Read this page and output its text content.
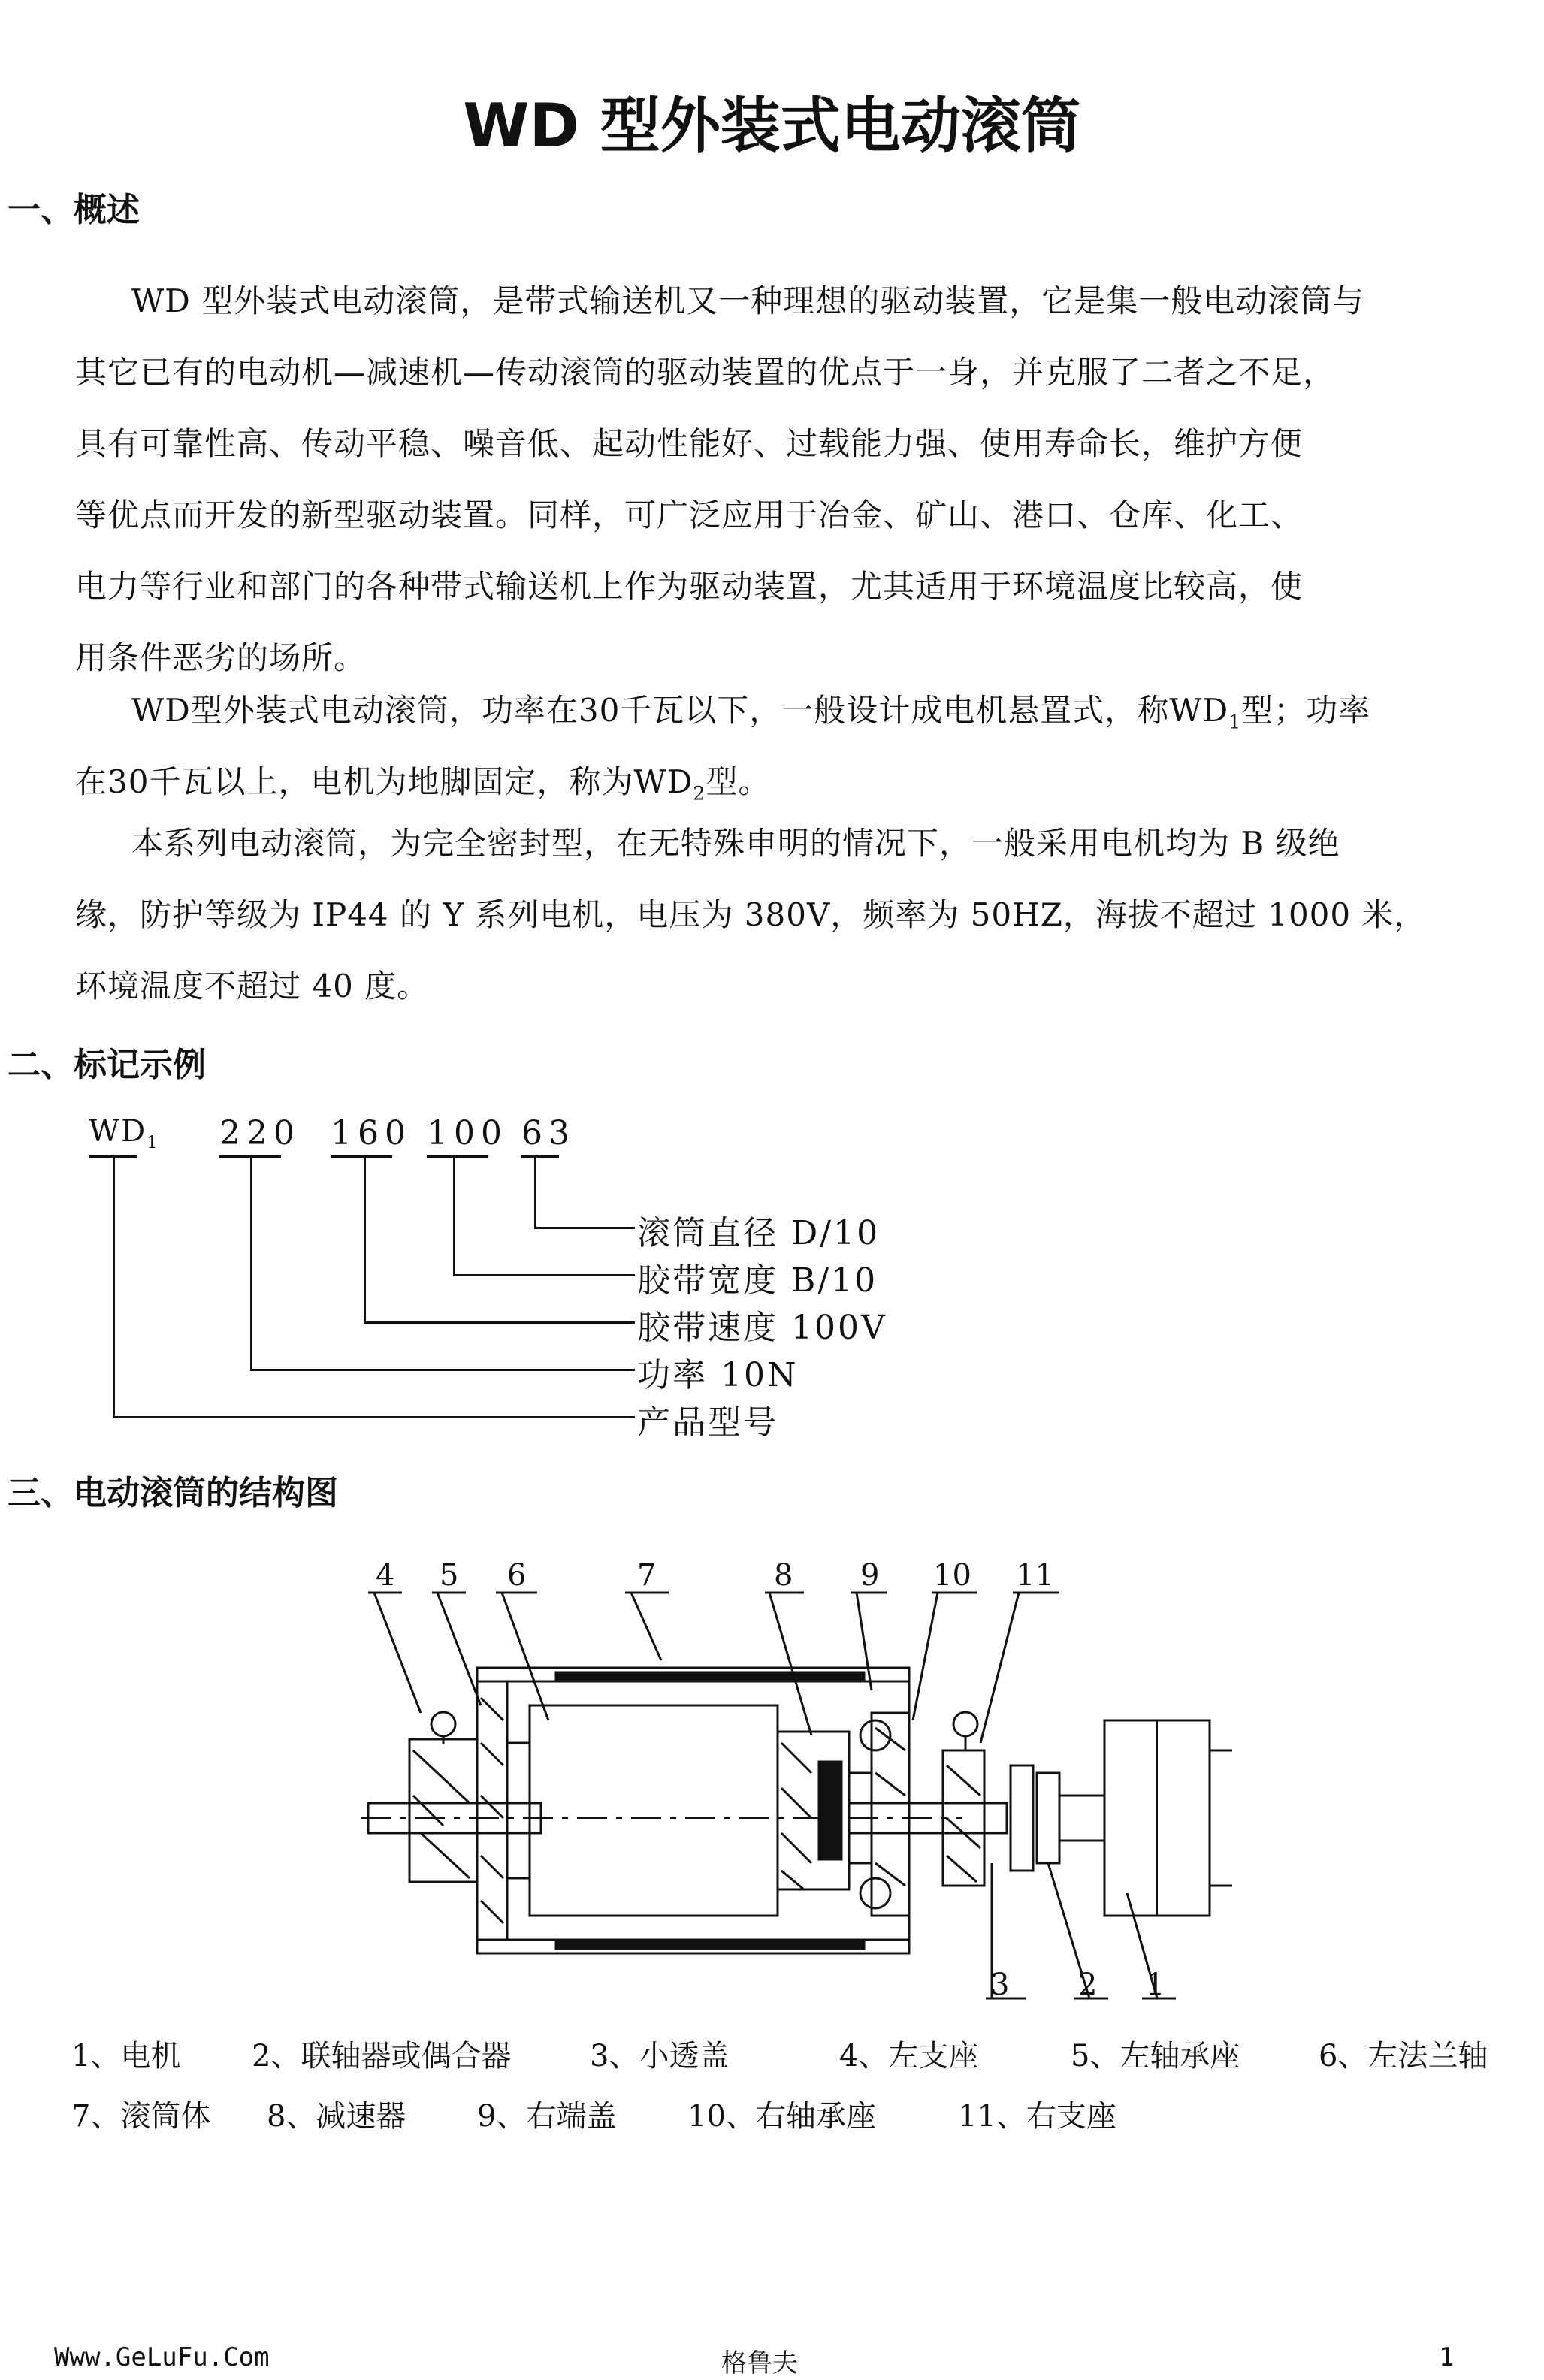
WD 型外装式电动滚筒
一、概述
WD 型外装式电动滚筒，是带式输送机又一种理想的驱动装置，它是集一般电动滚筒与
其它已有的电动机—减速机—传动滚筒的驱动装置的优点于一身，并克服了二者之不足，
具有可靠性高、传动平稳、噪音低、起动性能好、过载能力强、使用寿命长，维护方便
等优点而开发的新型驱动装置。同样，可广泛应用于冶金、矿山、港口、仓库、化工、
电力等行业和部门的各种带式输送机上作为驱动装置，尤其适用于环境温度比较高，使
用条件恶劣的场所。
WD型外装式电动滚筒，功率在30千瓦以下，一般设计成电机悬置式，称$WD_1$型；功率
在30千瓦以上，电机为地脚固定，称为$WD_2$型。
本系列电动滚筒，为完全密封型，在无特殊申明的情况下，一般采用电机均为 B 级绝
缘，防护等级为 IP44 的 Y 系列电机，电压为 380V，频率为 50HZ，海拔不超过 1000 米，
环境温度不超过 40 度。
二、标记示例
$WD_1$ 220 160 100 63
滚筒直径 D/10
胶带宽度 B/10
胶带速度 100V
功率 10N
产品型号
三、电动滚筒的结构图
4 5 6	7	8 9 10 11
3 2 1
1、电机 2、联轴器或偶合器	3、小透盖	4、左支座	5、左轴承座	6、左法兰轴
7、滚筒体 8、减速器 9、右端盖 10、右轴承座	11、右支座
Www.GeLuFu.Com	格鲁夫	1
